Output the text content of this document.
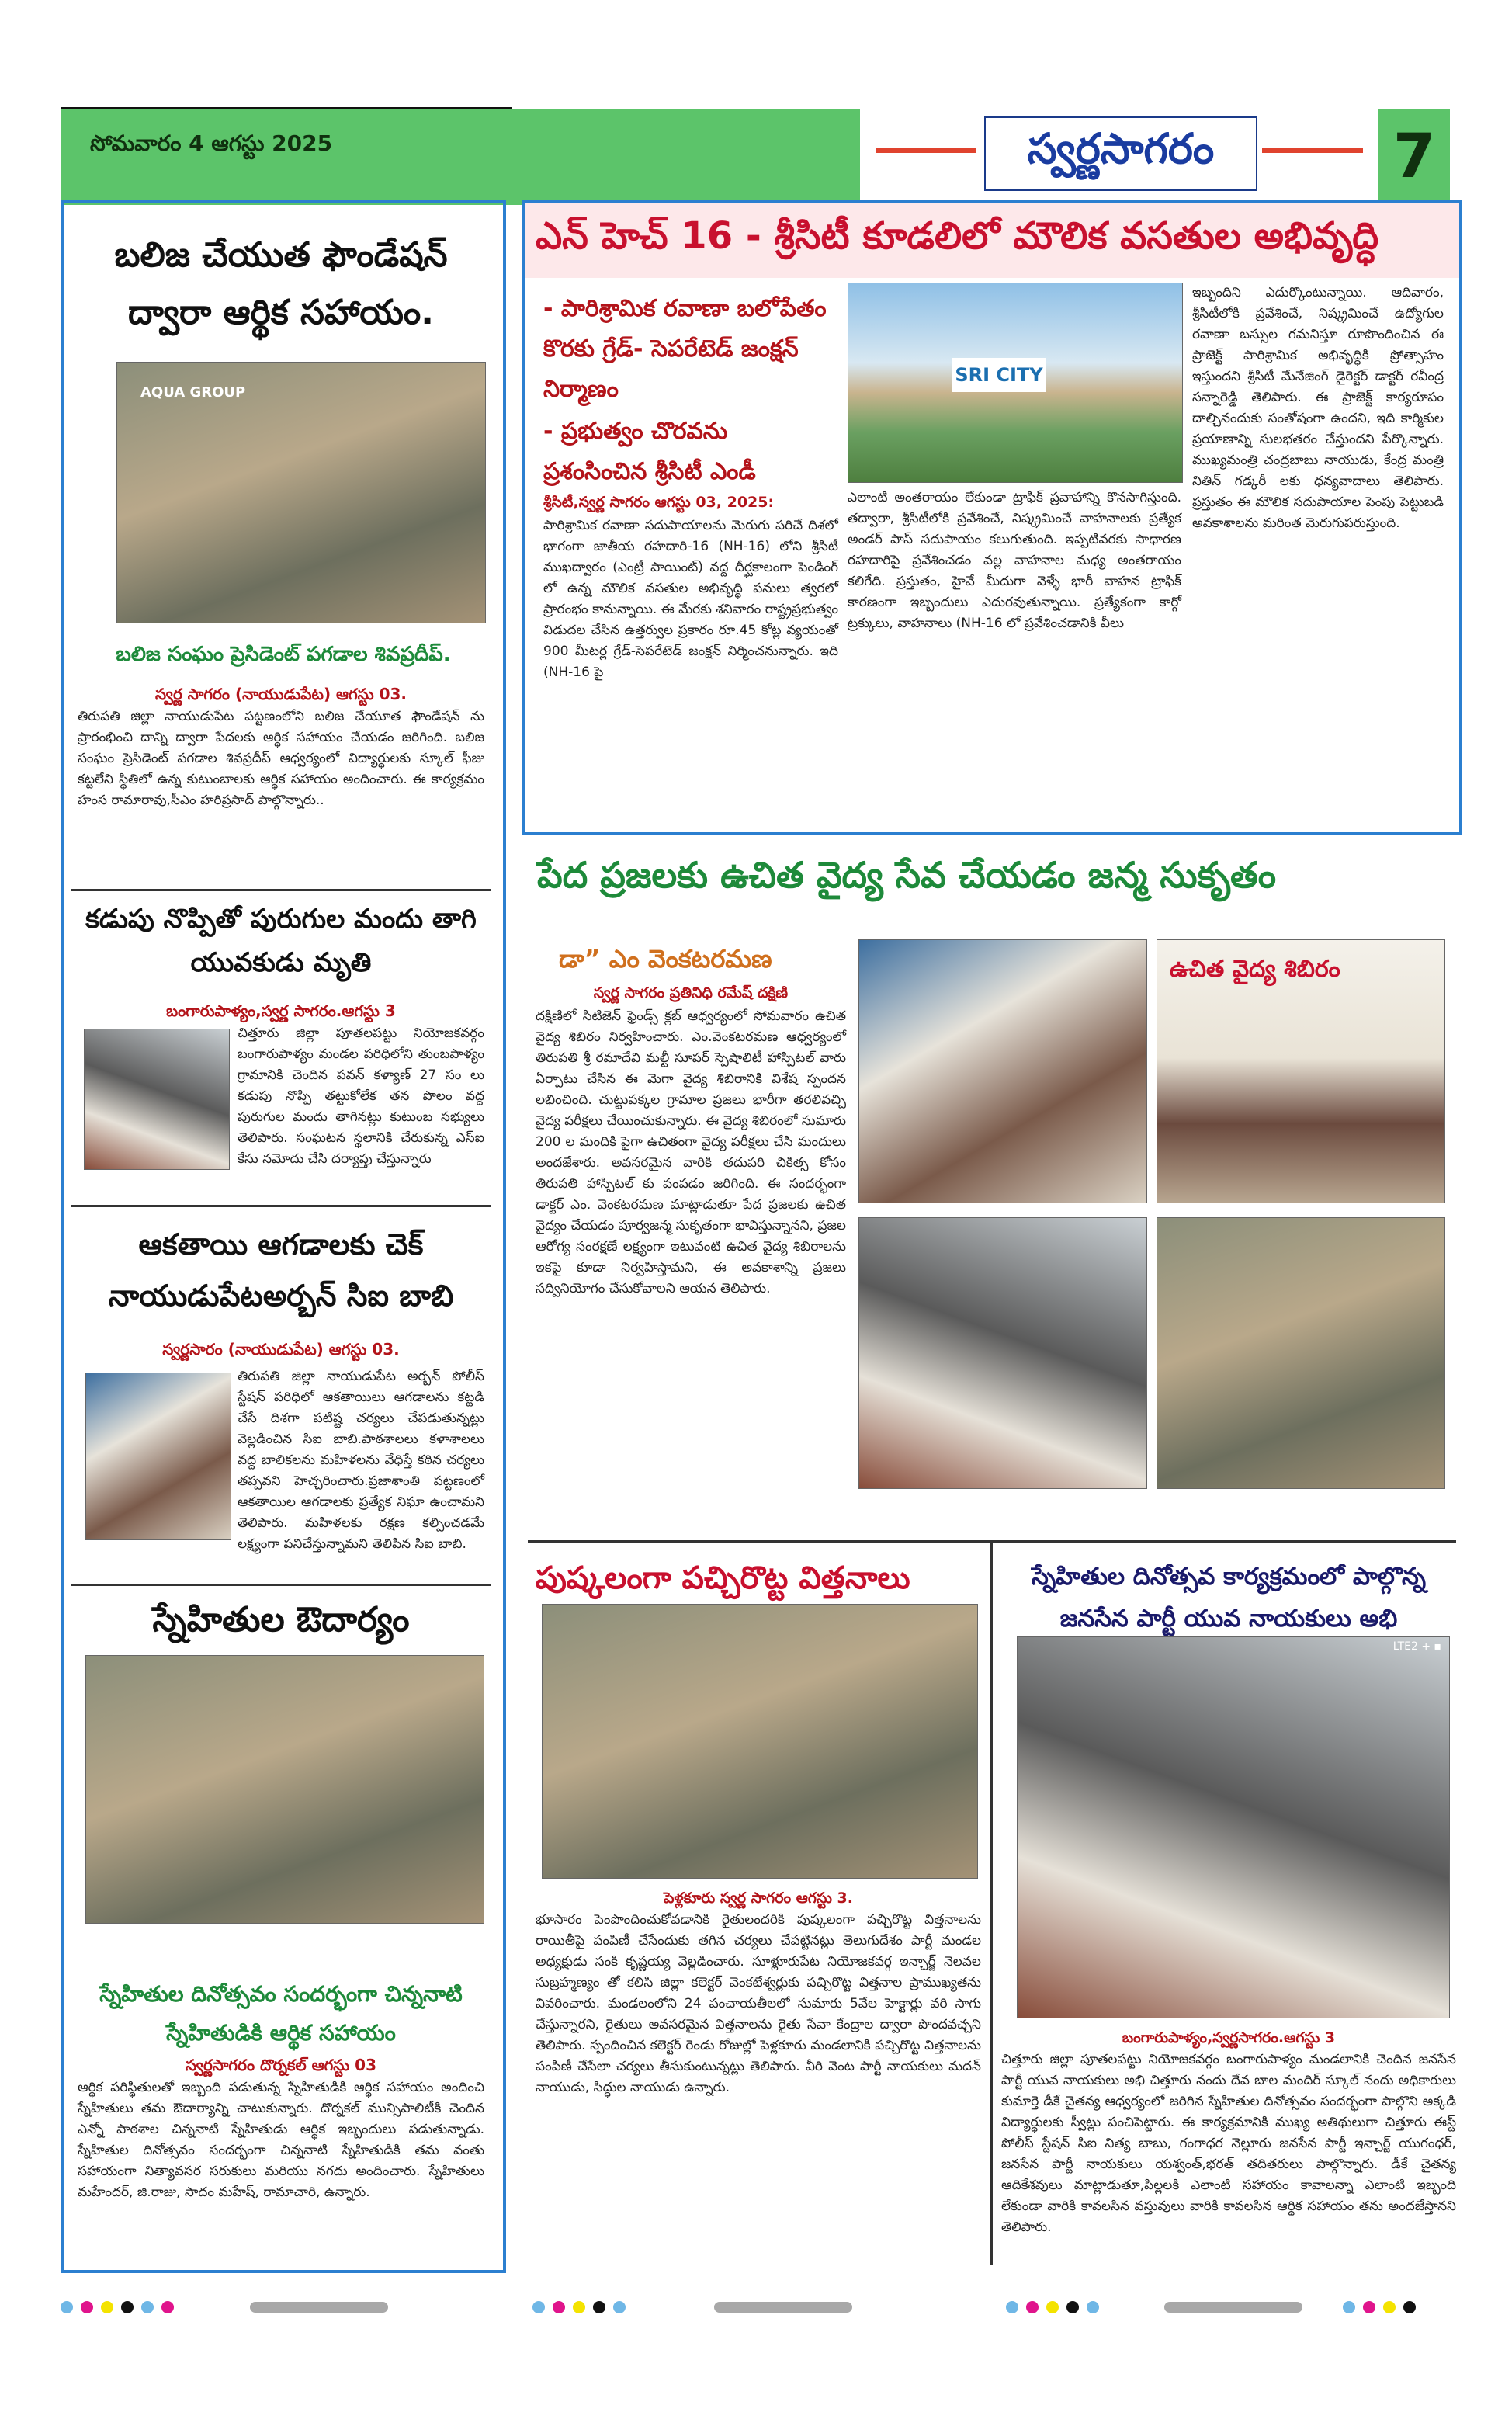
సోమవారం 4 ఆగస్టు 2025	స్వర్ణసాగరం	7
బలిజ చేయుత ఫౌండేషన్ ద్వారా ఆర్థిక సహాయం.
AQUA GROUP
బలిజ సంఘం ప్రెసిడెంట్ పగడాల శివప్రదీప్.
స్వర్ణ సాగరం (నాయుడుపేట) ఆగస్టు 03.
తిరుపతి జిల్లా నాయుడుపేట పట్టణంలోని బలిజ చేయూత ఫౌండేషన్ ను ప్రారంభించి దాన్ని ద్వారా పేదలకు ఆర్థిక సహాయం చేయడం జరిగింది. బలిజ సంఘం ప్రెసిడెంట్ పగడాల శివప్రదీప్ ఆధ్వర్యంలో విద్యార్థులకు స్కూల్ ఫీజు కట్టలేని స్థితిలో ఉన్న కుటుంబాలకు ఆర్థిక సహాయం అందించారు. ఈ కార్యక్రమం హంస రామారావు,సీఎం హరిప్రసాద్ పాల్గొన్నారు..
కడుపు నొప్పితో పురుగుల మందు తాగి యువకుడు మృతి
బంగారుపాళ్యం,స్వర్ణ సాగరం.ఆగస్టు 3
చిత్తూరు జిల్లా పూతలపట్టు నియోజకవర్గం బంగారుపాళ్యం మండల పరిధిలోని తుంబపాళ్యం గ్రామానికి చెందిన పవన్ కళ్యాణ్ 27 సం లు కడుపు నొప్పి తట్టుకోలేక తన పొలం వద్ద పురుగుల మందు తాగినట్లు కుటుంబ సభ్యులు తెలిపారు. సంఘటన స్థలానికి చేరుకున్న ఎస్ఐ కేసు నమోదు చేసి దర్యాప్తు చేస్తున్నారు
ఆకతాయి ఆగడాలకు చెక్ నాయుడుపేటఅర్బన్ సిఐ బాబి
స్వర్ణసారం (నాయుడుపేట) ఆగస్టు 03.
తిరుపతి జిల్లా నాయుడుపేట అర్బన్ పోలీస్ స్టేషన్ పరిధిలో ఆకతాయిలు ఆగడాలను కట్టడి చేసే దిశగా పటిష్ట చర్యలు చేపడుతున్నట్లు వెల్లడించిన సిఐ బాబి.పాఠశాలలు కళాశాలలు వద్ద బాలికలను మహిళలను వేధిస్తే కఠిన చర్యలు తప్పవని హెచ్చరించారు.ప్రజాశాంతి పట్టణంలో ఆకతాయిల ఆగడాలకు ప్రత్యేక నిఘా ఉంచామని తెలిపారు. మహిళలకు రక్షణ కల్పించడమే లక్ష్యంగా పనిచేస్తున్నామని తెలిపిన సిఐ బాబి.
స్నేహితుల ఔదార్యం
స్నేహితుల దినోత్సవం సందర్భంగా చిన్ననాటి స్నేహితుడికి ఆర్థిక సహాయం
స్వర్ణసాగరం దొర్నకల్ ఆగస్టు 03
ఆర్థిక పరిస్థితులతో ఇబ్బంది పడుతున్న స్నేహితుడికి ఆర్థిక సహాయం అందించి స్నేహితులు తమ ఔదార్యాన్ని చాటుకున్నారు. దొర్నకల్ మున్సిపాలిటీకి చెందిన ఎన్నో పాఠశాల చిన్ననాటి స్నేహితుడు ఆర్థిక ఇబ్బందులు పడుతున్నాడు. స్నేహితుల దినోత్సవం సందర్భంగా చిన్ననాటి స్నేహితుడికి తమ వంతు సహాయంగా నిత్యావసర సరుకులు మరియు నగదు అందించారు. స్నేహితులు మహేందర్, జి.రాజు, సాదం మహేష్, రామాచారి, ఉన్నారు.
ఎన్ హెచ్ 16 - శ్రీసిటీ కూడలిలో మౌలిక వసతుల అభివృద్ధి
- పారిశ్రామిక రవాణా బలోపేతం కొరకు గ్రేడ్- సెపరేటెడ్ జంక్షన్ నిర్మాణం
- ప్రభుత్వం చొరవను ప్రశంసించిన శ్రీసిటీ ఎండీ
శ్రీసిటీ,స్వర్ణ సాగరం ఆగస్టు 03, 2025:
SRI CITY
పారిశ్రామిక రవాణా సదుపాయాలను మెరుగు పరిచే దిశలో భాగంగా జాతీయ రహదారి-16 (NH-16) లోని శ్రీసిటీ ముఖద్వారం (ఎంట్రీ పాయింట్) వద్ద దీర్ఘకాలంగా పెండింగ్ లో ఉన్న మౌలిక వసతుల అభివృద్ధి పనులు త్వరలో ప్రారంభం కానున్నాయి. ఈ మేరకు శనివారం రాష్ట్రప్రభుత్వం విడుదల చేసిన ఉత్తర్వుల ప్రకారం రూ.45 కోట్ల వ్యయంతో 900 మీటర్ల గ్రేడ్-సెపరేటెడ్ జంక్షన్ నిర్మించనున్నారు. ఇది (NH-16 పై
ఎలాంటి అంతరాయం లేకుండా ట్రాఫిక్ ప్రవాహాన్ని కొనసాగిస్తుంది. తద్వారా, శ్రీసిటీలోకి ప్రవేశించే, నిష్క్రమించే వాహనాలకు ప్రత్యేక అండర్ పాస్ సదుపాయం కలుగుతుంది. ఇప్పటివరకు సాధారణ రహదారిపై ప్రవేశించడం వల్ల వాహనాల మధ్య అంతరాయం కలిగేది. ప్రస్తుతం, హైవే మీదుగా వెళ్ళే భారీ వాహన ట్రాఫిక్ కారణంగా ఇబ్బందులు ఎదురవుతున్నాయి. ప్రత్యేకంగా కార్గో ట్రక్కులు, వాహనాలు (NH-16 లో ప్రవేశించడానికి వీలు
ఇబ్బందిని ఎదుర్కొంటున్నాయి. ఆదివారం, శ్రీసిటీలోకి ప్రవేశించే, నిష్క్రమించే ఉద్యోగుల రవాణా బస్సుల గమనిస్తూ రూపొందించిన ఈ ప్రాజెక్ట్ పారిశ్రామిక అభివృద్ధికి ప్రోత్సాహం ఇస్తుందని శ్రీసిటీ మేనేజింగ్ డైరెక్టర్ డాక్టర్ రవీంద్ర సన్నారెడ్డి తెలిపారు. ఈ ప్రాజెక్ట్ కార్యరూపం దాల్చినందుకు సంతోషంగా ఉందని, ఇది కార్మికుల ప్రయాణాన్ని సులభతరం చేస్తుందని పేర్కొన్నారు. ముఖ్యమంత్రి చంద్రబాబు నాయుడు, కేంద్ర మంత్రి నితిన్ గడ్కరీ లకు ధన్యవాదాలు తెలిపారు. ప్రస్తుతం ఈ మౌలిక సదుపాయాల పెంపు పెట్టుబడి అవకాశాలను మరింత మెరుగుపరుస్తుంది.
పేద ప్రజలకు ఉచిత వైద్య సేవ చేయడం జన్మ సుకృతం
డా” ఎం వెంకటరమణ
స్వర్ణ సాగరం ప్రతినిధి రమేష్ దక్షిణి
దక్షిణిలో సిటిజెన్ ఫ్రెండ్స్ క్లబ్ ఆధ్వర్యంలో సోమవారం ఉచిత వైద్య శిబిరం నిర్వహించారు. ఎం.వెంకటరమణ ఆధ్వర్యంలో తిరుపతి శ్రీ రమాదేవి మల్టీ సూపర్ స్పెషాలిటీ హాస్పిటల్ వారు ఏర్పాటు చేసిన ఈ మెగా వైద్య శిబిరానికి విశేష స్పందన లభించింది. చుట్టుపక్కల గ్రామాల ప్రజలు భారీగా తరలివచ్చి వైద్య పరీక్షలు చేయించుకున్నారు. ఈ వైద్య శిబిరంలో సుమారు 200 ల మందికి పైగా ఉచితంగా వైద్య పరీక్షలు చేసి మందులు అందజేశారు. అవసరమైన వారికి తదుపరి చికిత్స కోసం తిరుపతి హాస్పిటల్ కు పంపడం జరిగింది. ఈ సందర్భంగా డాక్టర్ ఎం. వెంకటరమణ మాట్లాడుతూ పేద ప్రజలకు ఉచిత వైద్యం చేయడం పూర్వజన్మ సుకృతంగా భావిస్తున్నానని, ప్రజల ఆరోగ్య సంరక్షణే లక్ష్యంగా ఇటువంటి ఉచిత వైద్య శిబిరాలను ఇకపై కూడా నిర్వహిస్తామని, ఈ అవకాశాన్ని ప్రజలు సద్వినియోగం చేసుకోవాలని ఆయన తెలిపారు.
ఉచిత వైద్య శిబిరం
పుష్కలంగా పచ్చిరొట్ట విత్తనాలు
పెళ్లకూరు స్వర్ణ సాగరం ఆగస్టు 3.
భూసారం పెంపొందించుకోవడానికి రైతులందరికి పుష్కలంగా పచ్చిరొట్ట విత్తనాలను రాయితీపై పంపిణీ చేసేందుకు తగిన చర్యలు చేపట్టినట్లు తెలుగుదేశం పార్టీ మండల అధ్యక్షుడు సంకి కృష్ణయ్య వెల్లడించారు. సూళ్లూరుపేట నియోజకవర్గ ఇన్చార్జ్ నెలవల సుబ్రహ్మణ్యం తో కలిసి జిల్లా కలెక్టర్ వెంకటేశ్వర్లుకు పచ్చిరొట్ట విత్తనాల ప్రాముఖ్యతను వివరించారు. మండలంలోని 24 పంచాయతీలలో సుమారు 5వేల హెక్టార్లు వరి సాగు చేస్తున్నారని, రైతులు అవసరమైన విత్తనాలను రైతు సేవా కేంద్రాల ద్వారా పొందవచ్చని తెలిపారు. స్పందించిన కలెక్టర్ రెండు రోజుల్లో పెళ్లకూరు మండలానికి పచ్చిరొట్ట విత్తనాలను పంపిణీ చేసేలా చర్యలు తీసుకుంటున్నట్లు తెలిపారు. వీరి వెంట పార్టీ నాయకులు మదన్ నాయుడు, సిద్ధుల నాయుడు ఉన్నారు.
స్నేహితుల దినోత్సవ కార్యక్రమంలో పాల్గొన్న జనసేన పార్టీ యువ నాయకులు అభి
LTE2 + ▪
బంగారుపాళ్యం,స్వర్ణసాగరం.ఆగస్టు 3
చిత్తూరు జిల్లా పూతలపట్టు నియోజకవర్గం బంగారుపాళ్యం మండలానికి చెందిన జనసేన పార్టీ యువ నాయకులు అభి చిత్తూరు నందు దేవ బాల మందిర్ స్కూల్ నందు అధికారులు కుమార్తె డీకే చైతన్య ఆధ్వర్యంలో జరిగిన స్నేహితుల దినోత్సవం సందర్భంగా పాల్గొని అక్కడి విద్యార్థులకు స్వీట్లు పంచిపెట్టారు. ఈ కార్యక్రమానికి ముఖ్య అతిథులుగా చిత్తూరు ఈస్ట్ పోలీస్ స్టేషన్ సిఐ నిత్య బాబు, గంగాధర నెల్లూరు జనసేన పార్టీ ఇన్చార్జ్ యుగంధర్, జనసేన పార్టీ నాయకులు యశ్వంత్,భరత్ తదితరులు పాల్గొన్నారు. డీకే చైతన్య ఆదికేశవులు మాట్లాడుతూ,పిల్లలకి ఎలాంటి సహాయం కావాలన్నా ఎలాంటి ఇబ్బంది లేకుండా వారికి కావలసిన వస్తువులు వారికి కావలసిన ఆర్థిక సహాయం తను అందజేస్తానని తెలిపారు.
